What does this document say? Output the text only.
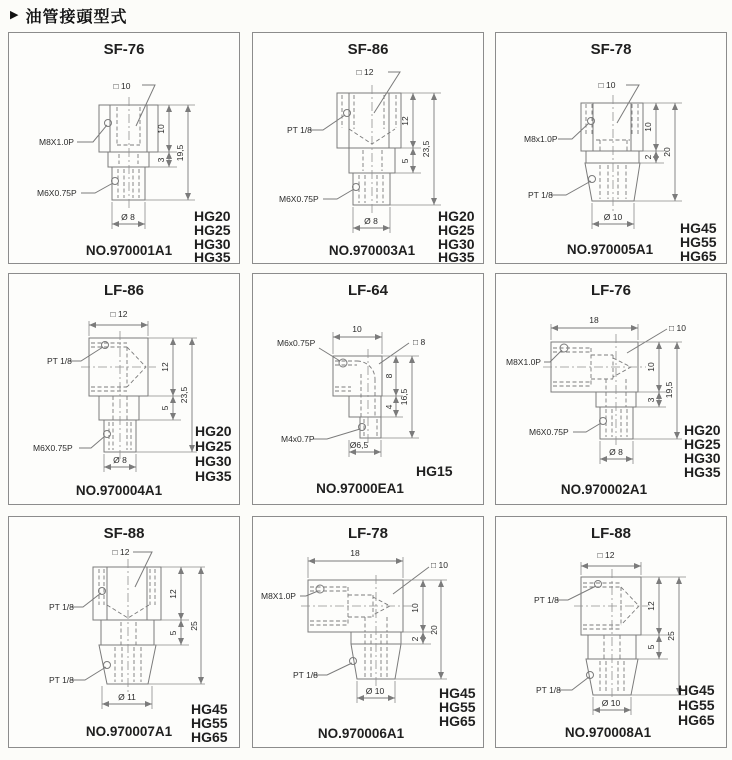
▶ 油管接頭型式
SF-76
□ 10
M8X1.0P
M6X0.75P
Ø 8
10
3 19,5
NO.970001A1
HG20
HG25
HG30
HG35
SF-86
□ 12
PT 1/8
M6X0.75P
Ø 8
12
5
23,5
NO.970003A1
HG20
HG25
HG30
HG35
SF-78
□ 10
M8x1.0P
PT 1/8
Ø 10
10
2
20
NO.970005A1
HG45
HG55
HG65
LF-86
□ 12
PT 1/8
M6X0.75P
Ø 8
12
5
23,5
NO.970004A1
HG20
HG25
HG30
HG35
LF-64
□ 8
10
M6x0.75P
M4x0.7P
Ø6,5
8
4
16,5
NO.97000EA1
HG15
LF-76
□ 10
18
M8X1.0P
M6X0.75P
Ø 8
10
3
19,5
NO.970002A1
HG20
HG25
HG30
HG35
SF-88
□ 12
PT 1/8
PT 1/8
Ø 11
12
5
25
NO.970007A1
HG45
HG55
HG65
LF-78
□ 10
18
M8X1.0P
PT 1/8
Ø 10
10
2
20
NO.970006A1
HG45
HG55
HG65
LF-88
□ 12
PT 1/8
PT 1/8
Ø 10
12
5
25
NO.970008A1
HG45
HG55
HG65
